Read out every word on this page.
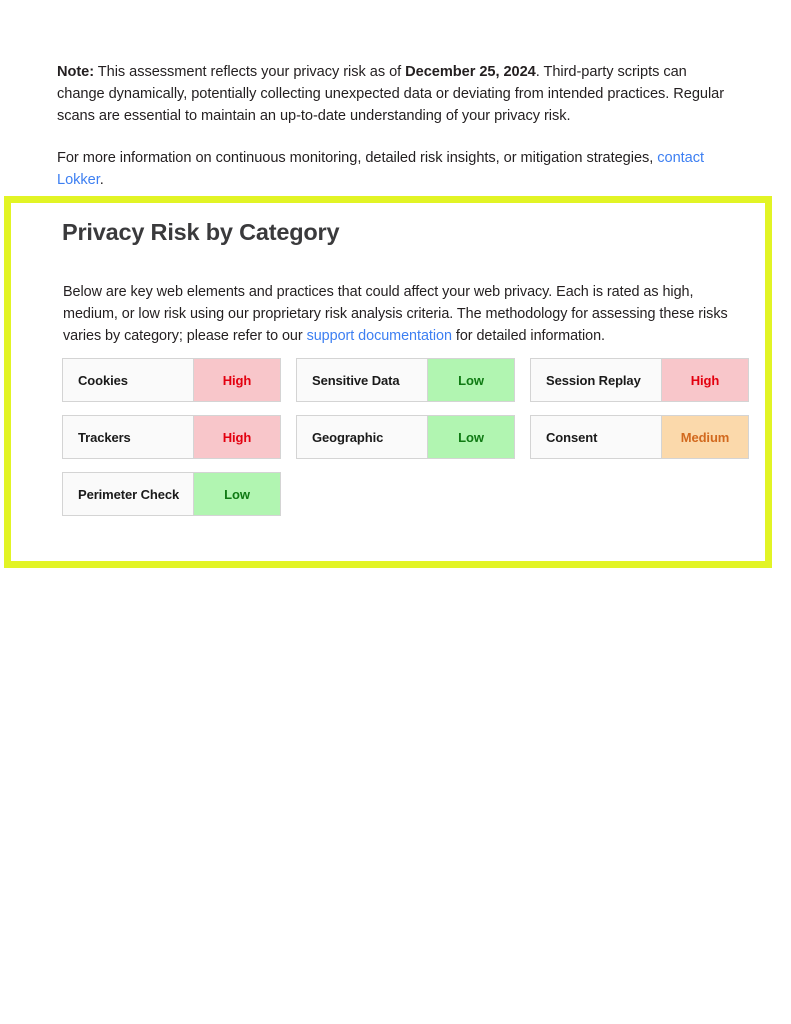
Note: This assessment reflects your privacy risk as of December 25, 2024. Third-party scripts can change dynamically, potentially collecting unexpected data or deviating from intended practices. Regular scans are essential to maintain an up-to-date understanding of your privacy risk.

For more information on continuous monitoring, detailed risk insights, or mitigation strategies, contact Lokker.

Privacy Risk by Category

Below are key web elements and practices that could affect your web privacy. Each is rated as high, medium, or low risk using our proprietary risk analysis criteria. The methodology for assessing these risks varies by category; please refer to our support documentation for detailed information.

Cookies	High	Sensitive Data	Low	Session Replay	High
Trackers	High	Geographic	Low	Consent	Medium
Perimeter Check	Low
